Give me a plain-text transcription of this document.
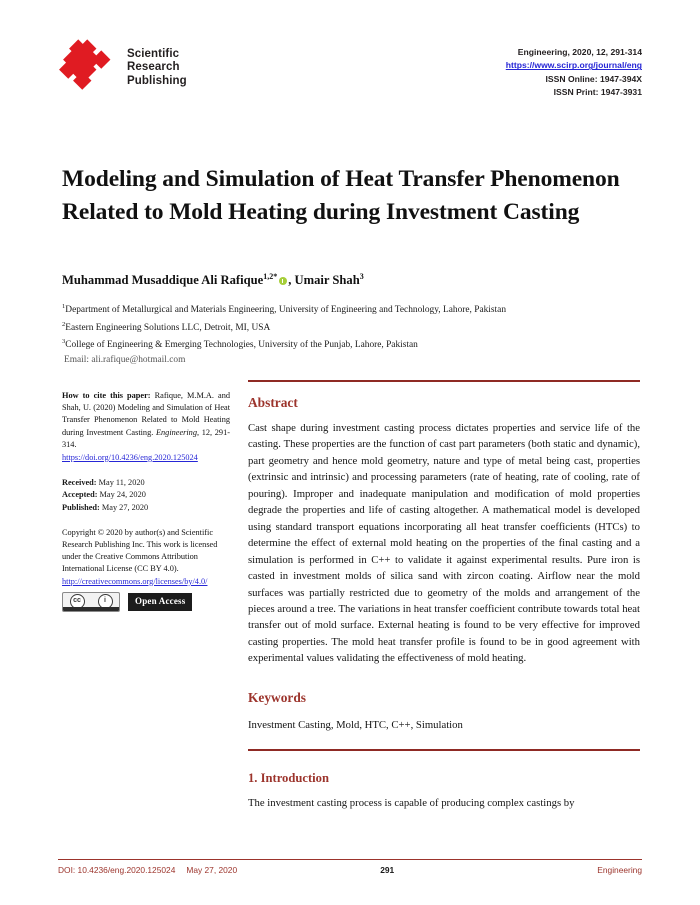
Scientific
Research
Publishing
Engineering, 2020, 12, 291-314
https://www.scirp.org/journal/eng
ISSN Online: 1947-394X
ISSN Print: 1947-3931
Modeling and Simulation of Heat Transfer Phenomenon Related to Mold Heating during Investment Casting
Muhammad Musaddique Ali Rafique$^{1,2*}$ , Umair Shah$^3$
$^1$Department of Metallurgical and Materials Engineering, University of Engineering and Technology, Lahore, Pakistan
$^2$Eastern Engineering Solutions LLC, Detroit, MI, USA
$^3$College of Engineering & Emerging Technologies, University of the Punjab, Lahore, Pakistan
Email: ali.rafique@hotmail.com
How to cite this paper: Rafique, M.M.A. and Shah, U. (2020) Modeling and Simulation of Heat Transfer Phenomenon Related to Mold Heating during Investment Casting. Engineering, 12, 291-314.
https://doi.org/10.4236/eng.2020.125024
Received: May 11, 2020
Accepted: May 24, 2020
Published: May 27, 2020
Copyright © 2020 by author(s) and Scientific Research Publishing Inc. This work is licensed under the Creative Commons Attribution International License (CC BY 4.0).
http://creativecommons.org/licenses/by/4.0/
cc	i	Open Access
Abstract

Cast shape during investment casting process dictates properties and service life of the casting. These properties are the function of cast part parameters (both static and dynamic), part geometry and hence mold geometry, nature and type of metal being cast, properties (extrinsic and intrinsic) and processing parameters (rate of heating, rate of cooling, rate of pouring). Improper and inadequate manipulation and modification of mold properties degrade the properties and life of casting altogether. A mathematical model is developed using standard transport equations incorporating all heat transfer coefficients (HTCs) to determine the effect of external mold heating on the properties of the final casting and a simulation is performed in C++ to validate it against experimental results. Pure iron is casted in investment molds of silica sand with zircon coating. Airflow near the mold surfaces was partially restricted due to geometry of the molds and arrangement of the pieces around a tree. The variations in heat transfer coefficient contribute towards total heat transfer out of mold surface. External heating is found to be very effective for improved casting properties. The mold heat transfer profile is found to be in good agreement with experimental values validating the effectiveness of mold heating.

Keywords

Investment Casting, Mold, HTC, C++, Simulation

1. Introduction

The investment casting process is capable of producing complex castings by

DOI: 10.4236/eng.2020.125024 May 27, 2020	291	Engineering
